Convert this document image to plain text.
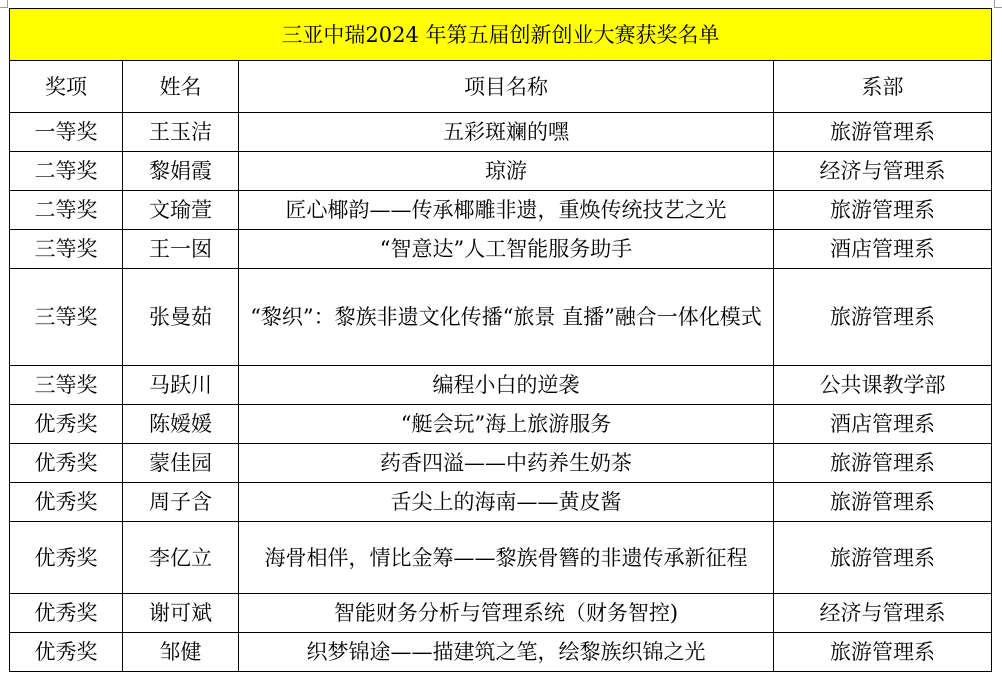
三亚中瑞2024 年第五届创新创业大赛获奖名单			
奖项	姓名	项目名称	系部
一等奖	王玉洁	五彩斑斓的嘿	旅游管理系
二等奖	黎娟霞	琼游	经济与管理系
二等奖	文瑜萱	匠心椰韵——传承椰雕非遗，重焕传统技艺之光	旅游管理系
三等奖	王一囡	“智意达”人工智能服务助手	酒店管理系
三等奖	张曼茹	“黎织”：黎族非遗文化传播“旅景 直播”融合一体化模式	旅游管理系
三等奖	马跃川	编程小白的逆袭	公共课教学部
优秀奖	陈嫒媛	“艇会玩”海上旅游服务	酒店管理系
优秀奖	蒙佳园	药香四溢——中药养生奶茶	旅游管理系
优秀奖	周子含	舌尖上的海南——黄皮酱	旅游管理系
优秀奖	李亿立	海骨相伴，情比金筹——黎族骨簪的非遗传承新征程	旅游管理系
优秀奖	谢可斌	智能财务分析与管理系统（财务智控)	经济与管理系
优秀奖	邹健	织梦锦途——描建筑之笔，绘黎族织锦之光	旅游管理系
